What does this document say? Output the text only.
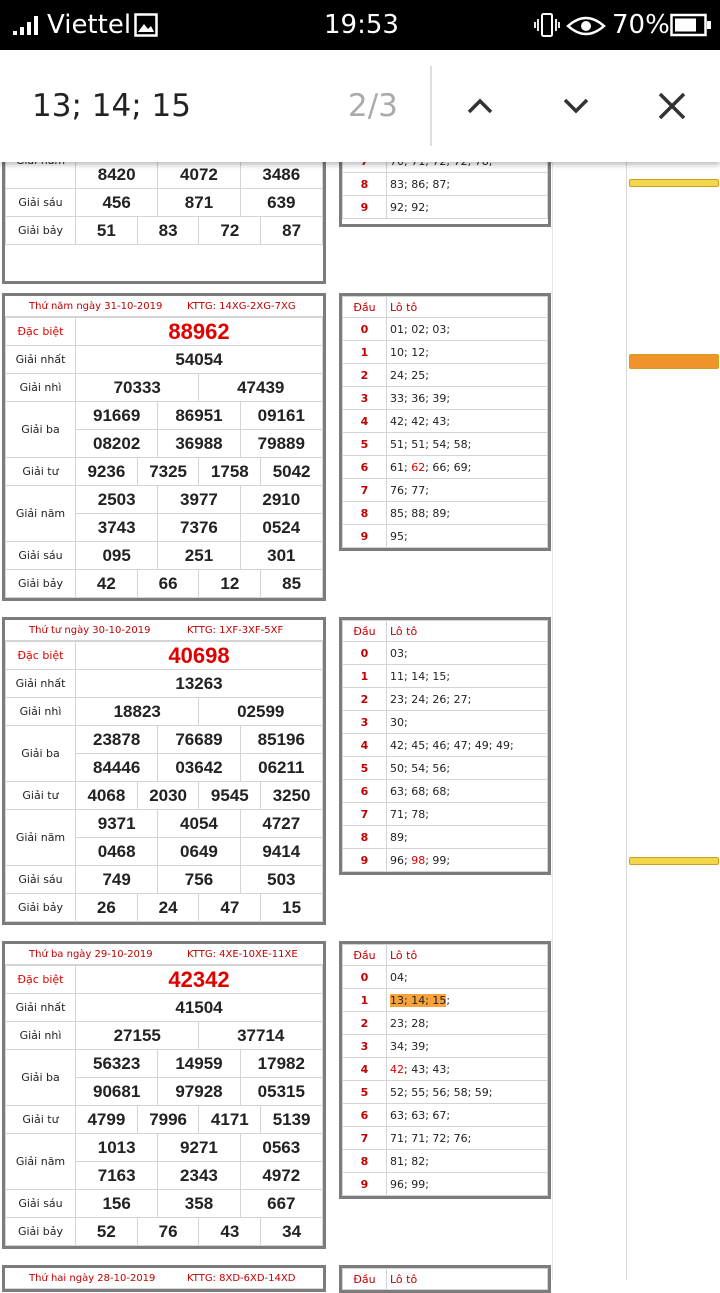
Viettel	19:53	70%
13; 14; 15	2/3

	8420		4072		3486	
Giải sáu	456		871		639	
Giải bảy	51	83		72		87

8	83; 86; 87;
9	92; 92;
Thứ năm ngày 31-10-2019 KTTG: 14XG-2XG-7XG
Đặc biệt	88962					
Giải nhất	54054					
Giải nhì	70333			47439		
Giải ba	91669		86951		09161	
	08202		36988		79889	
Giải tư	9236	7325		1758		5042
Giải năm	2503		3977		2910	
	3743		7376		0524	
Giải sáu	095		251		301	
Giải bảy	42	66		12		85
Đầu	Lô tô
0	01; 02; 03;
1	10; 12;
2	24; 25;
3	33; 36; 39;
4	42; 42; 43;
5	51; 51; 54; 58;
6	61; 62; 66; 69;
7	76; 77;
8	85; 88; 89;
9	95;
Thứ tư ngày 30-10-2019	KTTG: 1XF-3XF-5XF
Đặc biệt	40698					
Giải nhất	13263					
Giải nhì	18823			02599		
Giải ba	23878		76689		85196	
	84446		03642		06211	
Giải tư	4068	2030		9545		3250
Giải năm	9371		4054		4727	
	0468		0649		9414	
Giải sáu	749		756		503	
Giải bảy	26	24		47		15
Đầu	Lô tô
0	03;
1	11; 14; 15;
2	23; 24; 26; 27;
3	30;
4	42; 45; 46; 47; 49; 49;
5	50; 54; 56;
6	63; 68; 68;
7	71; 78;
8	89;
9	96; 98; 99;
Thứ ba ngày 29-10-2019	KTTG: 4XE-10XE-11XE
Đặc biệt	42342					
Giải nhất	41504					
Giải nhì	27155			37714		
Giải ba	56323		14959		17982	
	90681		97928		05315	
Giải tư	4799	7996		4171		5139
Giải năm	1013		9271		0563	
	7163		2343		4972	
Giải sáu	156		358		667	
Giải bảy	52	76		43		34
Đầu	Lô tô
0	04;
1	13; 14; 15;
2	23; 28;
3	34; 39;
4	42; 43; 43;
5	52; 55; 56; 58; 59;
6	63; 63; 67;
7	71; 71; 72; 76;
8	81; 82;
9	96; 99;
Thứ hai ngày 28-10-2019	KTTG: 8XD-6XD-14XD	Đầu	Lô tô
